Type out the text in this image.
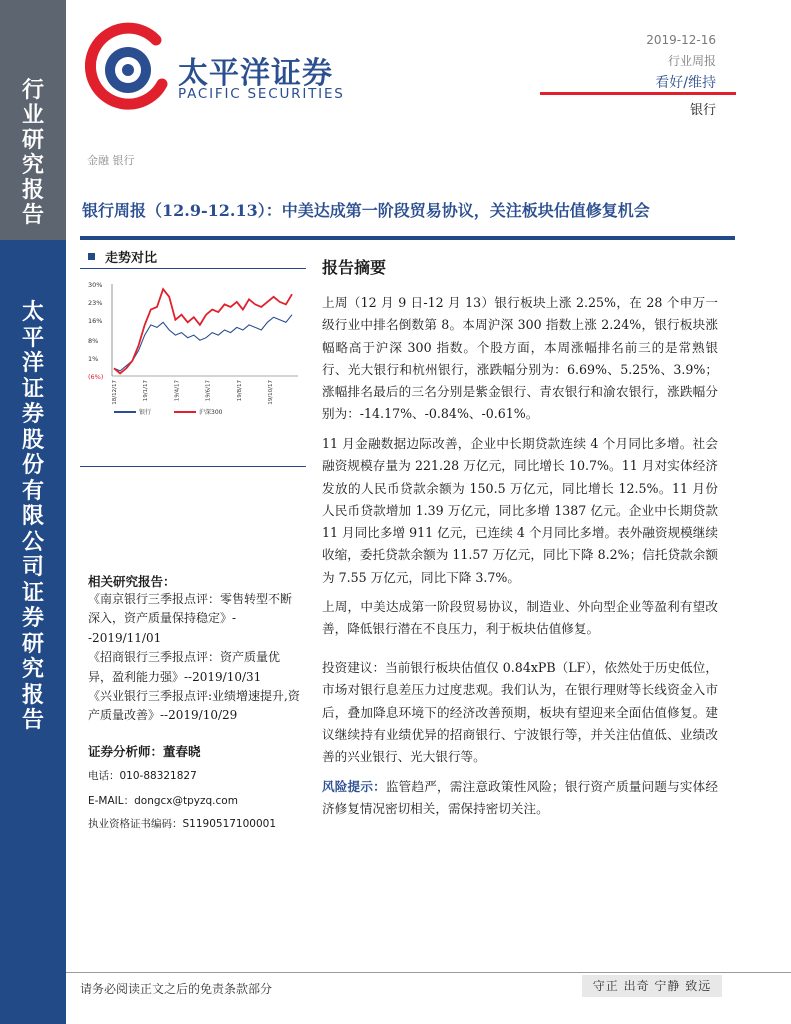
行
业
研
究
报
告
太
平
洋
证
券
股
份
有
限
公
司
证
券
研
究
报
告
太平洋证券
PACIFIC SECURITIES
2019-12-16
行业周报
看好/维持
银行
金融 银行
银行周报（12.9-12.13）：中美达成第一阶段贸易协议，关注板块估值修复机会
走势对比
30%
23%
16%
8%
1%
(6%)
18/12/17	19/1/17	19/4/17	19/6/17	19/8/17	19/10/17
银行	沪深300
相关研究报告：
《南京银行三季报点评：零售转型不断深入，资产质量保持稳定》--2019/11/01
《招商银行三季报点评：资产质量优异，盈利能力强》--2019/10/31
《兴业银行三季报点评:业绩增速提升,资产质量改善》--2019/10/29
证券分析师：董春晓
电话：010-88321827
E-MAIL：dongcx@tpyzq.com
执业资格证书编码：S1190517100001
报告摘要
上周（12 月 9 日-12 月 13）银行板块上涨 2.25%，在 28 个申万一级行业中排名倒数第 8。本周沪深 300 指数上涨 2.24%，银行板块涨幅略高于沪深 300 指数。个股方面，本周涨幅排名前三的是常熟银行、光大银行和杭州银行，涨跌幅分别为：6.69%、5.25%、3.9%；涨幅排名最后的三名分别是紫金银行、青农银行和渝农银行，涨跌幅分别为：-14.17%、-0.84%、-0.61%。
11 月金融数据边际改善，企业中长期贷款连续 4 个月同比多增。社会融资规模存量为 221.28 万亿元，同比增长 10.7%。11 月对实体经济发放的人民币贷款余额为 150.5 万亿元，同比增长 12.5%。11 月份人民币贷款增加 1.39 万亿元，同比多增 1387 亿元。企业中长期贷款 11 月同比多增 911 亿元，已连续 4 个月同比多增。表外融资规模继续收缩，委托贷款余额为 11.57 万亿元，同比下降 8.2%；信托贷款余额为 7.55 万亿元，同比下降 3.7%。
上周，中美达成第一阶段贸易协议，制造业、外向型企业等盈利有望改善，降低银行潜在不良压力，利于板块估值修复。
投资建议：当前银行板块估值仅 0.84xPB（LF），依然处于历史低位，市场对银行息差压力过度悲观。我们认为，在银行理财等长线资金入市后，叠加降息环境下的经济改善预期，板块有望迎来全面估值修复。建议继续持有业绩优异的招商银行、宁波银行等，并关注估值低、业绩改善的兴业银行、光大银行等。
风险提示：监管趋严，需注意政策性风险；银行资产质量问题与实体经济修复情况密切相关，需保持密切关注。
请务必阅读正文之后的免责条款部分	守正 出奇 宁静 致远
